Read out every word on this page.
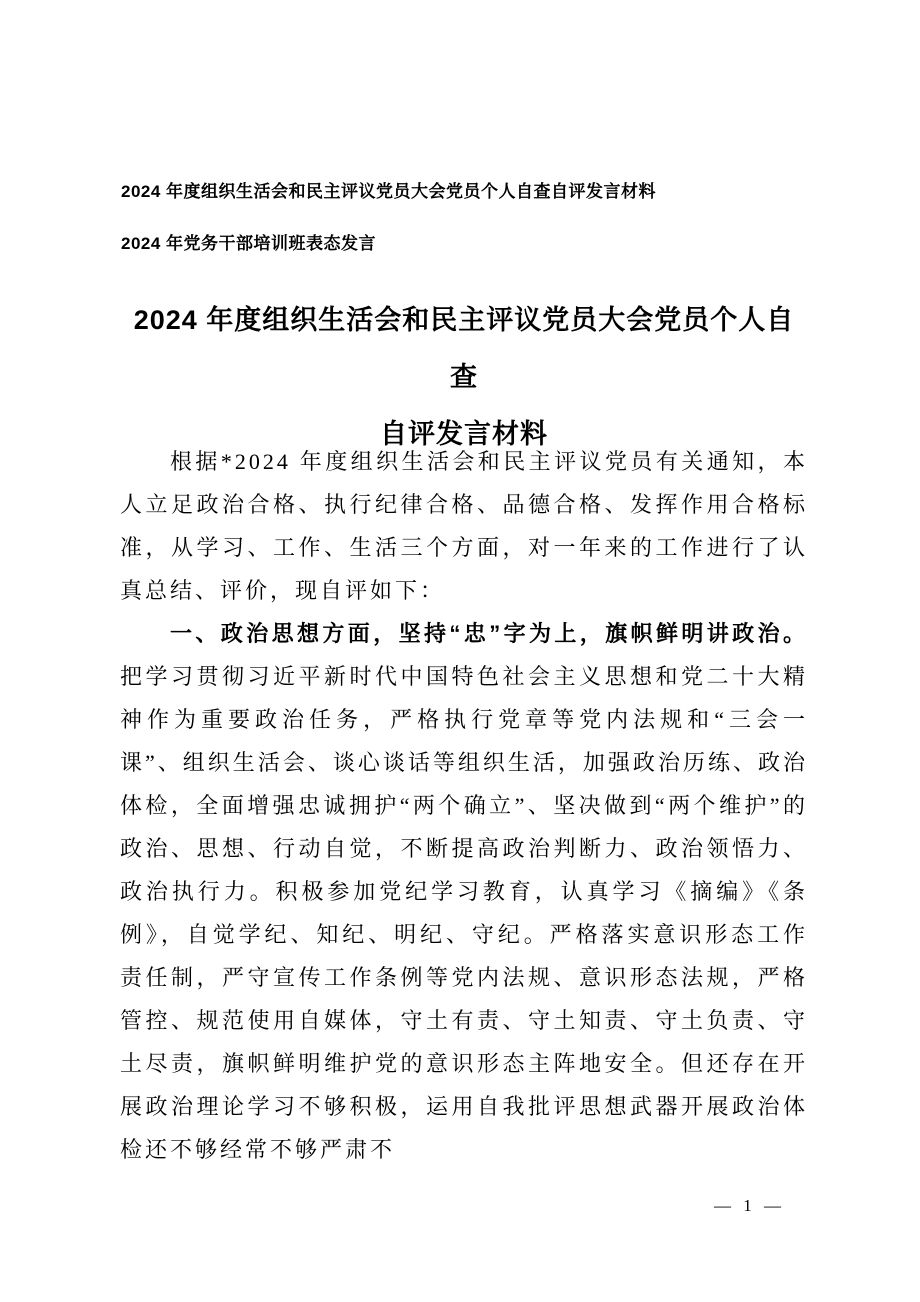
2024 年度组织生活会和民主评议党员大会党员个人自查自评发言材料
2024 年党务干部培训班表态发言
2024 年度组织生活会和民主评议党员大会党员个人自查
自评发言材料

根据*2024 年度组织生活会和民主评议党员有关通知，本人立足政治合格、执行纪律合格、品德合格、发挥作用合格标准，从学习、工作、生活三个方面，对一年来的工作进行了认真总结、评价，现自评如下：

一、政治思想方面，坚持“忠”字为上，旗帜鲜明讲政治。把学习贯彻习近平新时代中国特色社会主义思想和党二十大精神作为重要政治任务，严格执行党章等党内法规和“三会一课”、组织生活会、谈心谈话等组织生活，加强政治历练、政治体检，全面增强忠诚拥护“两个确立”、坚决做到“两个维护”的政治、思想、行动自觉，不断提高政治判断力、政治领悟力、政治执行力。积极参加党纪学习教育，认真学习《摘编》《条例》，自觉学纪、知纪、明纪、守纪。严格落实意识形态工作责任制，严守宣传工作条例等党内法规、意识形态法规，严格管控、规范使用自媒体，守土有责、守土知责、守土负责、守土尽责，旗帜鲜明维护党的意识形态主阵地安全。但还存在开展政治理论学习不够积极，运用自我批评思想武器开展政治体检还不够经常不够严肃不

— 1 —
